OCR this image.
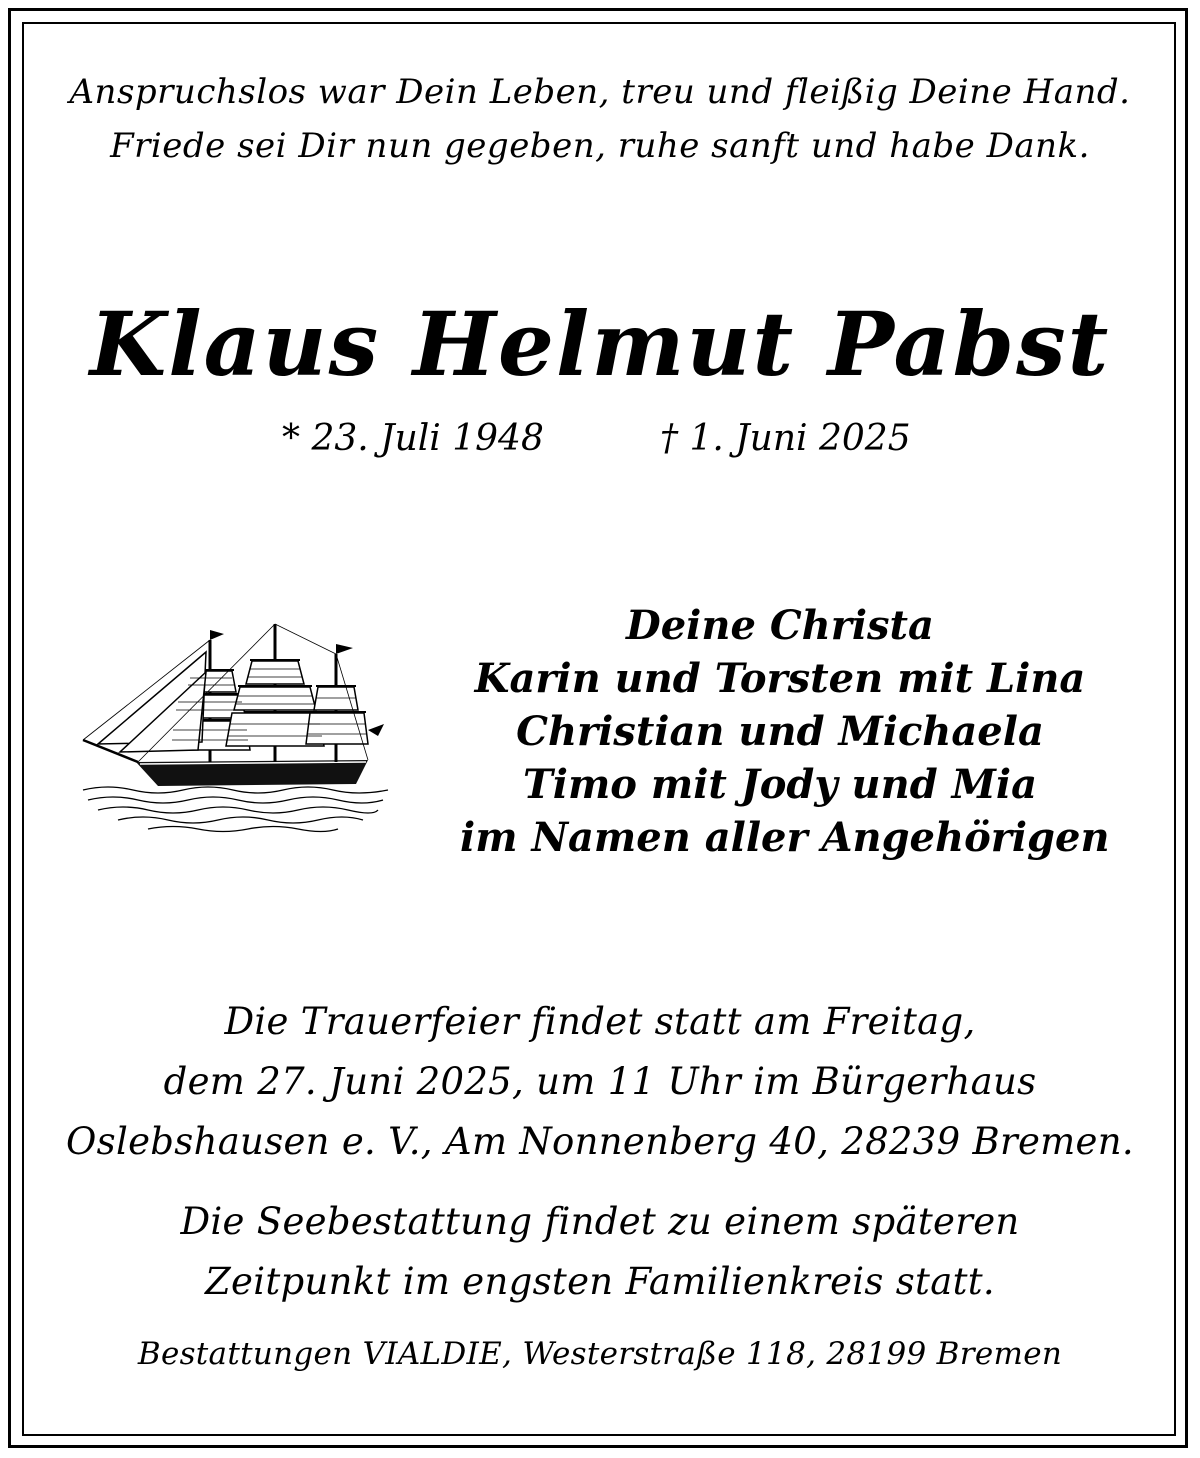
Anspruchslos war Dein Leben, treu und fleißig Deine Hand.
Friede sei Dir nun gegeben, ruhe sanft und habe Dank.
Klaus Helmut Pabst
* 23. Juli 1948	† 1. Juni 2025
Deine Christa
Karin und Torsten mit Lina
Christian und Michaela
Timo mit Jody und Mia
im Namen aller Angehörigen
Die Trauerfeier findet statt am Freitag,
dem 27. Juni 2025, um 11 Uhr im Bürgerhaus
Oslebshausen e. V., Am Nonnenberg 40, 28239 Bremen.
Die Seebestattung findet zu einem späteren
Zeitpunkt im engsten Familienkreis statt.
Bestattungen VIALDIE, Westerstraße 118, 28199 Bremen
